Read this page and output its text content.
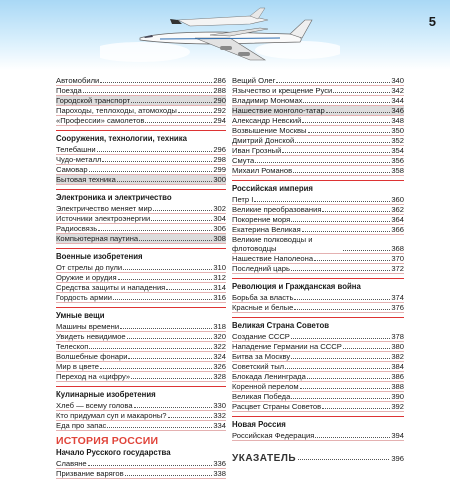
5
Автомобили	286
Поезда	288
Городской транспорт	290
Пароходы, теплоходы, атомоходы	292
«Профессии» самолетов	294
Сооружения, технологии, техника
Телебашни	296
Чудо-металл	298
Самовар	299
Бытовая техника	300
Электроника и электричество
Электричество меняет мир	302
Источники электроэнергии	304
Радиосвязь	306
Компьютерная паутина	308
Военные изобретения
От стрелы до пули	310
Оружие и орудия	312
Средства защиты и нападения	314
Гордость армии	316
Умные вещи
Машины времени	318
Увидеть невидимое	320
Телескоп	322
Волшебные фонари	324
Мир в цвете	326
Переход на «цифру»	328
Кулинарные изобретения
Хлеб — всему голова	330
Кто придумал суп и макароны?	332
Еда про запас	334
ИСТОРИЯ РОССИИ
Начало Русского государства
Славяне	336
Призвание варягов	338
Вещий Олег	340
Язычество и крещение Руси	342
Владимир Мономах	344
Нашествие монголо-татар	346
Александр Невский	348
Возвышение Москвы	350
Дмитрий Донской	352
Иван Грозный	354
Смута	356
Михаил Романов	358
Российская империя
Петр I	360
Великие преобразования	362
Покорение моря	364
Екатерина Великая	366
Великие полководцы и флотоводцы	368
Нашествие Наполеона	370
Последний царь	372
Революция и Гражданская война
Борьба за власть	374
Красные и белые	376
Великая Страна Советов
Создание СССР	378
Нападение Германии на СССР	380
Битва за Москву	382
Советский тыл	384
Блокада Ленинграда	386
Коренной перелом	388
Великая Победа	390
Расцвет Страны Советов	392
Новая Россия
Российская Федерация	394
УКАЗАТЕЛЬ	396
